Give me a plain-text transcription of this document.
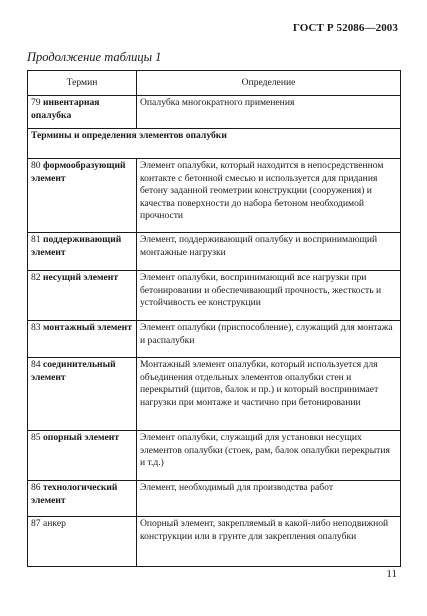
ГОСТ Р 52086—2003
Продолжение таблицы 1
Термин	Определение
79 инвентарная опалубка	Опалубка многократного применения
Термины и определения элементов опалубки	
80 формообразующий элемент	Элемент опалубки, который находится в непосредственном контакте с бетонной смесью и используется для придания бетону заданной геометрии конструкции (сооружения) и качества поверхности до набора бетоном необходимой прочности
81 поддерживающий элемент	Элемент, поддерживающий опалубку и воспринимающий монтажные нагрузки
82 несущий элемент	Элемент опалубки, воспринимающий все нагрузки при бетонировании и обеспечивающий прочность, жесткость и устойчивость ее конструкции
83 монтажный элемент	Элемент опалубки (приспособление), служащий для монтажа и распалубки
84 соединительный элемент	Монтажный элемент опалубки, который используется для объединения отдельных элементов опалубки стен и перекрытий (щитов, балок и пр.) и который воспринимает нагрузки при монтаже и частично при бетонировании
85 опорный элемент	Элемент опалубки, служащий для установки несущих элементов опалубки (стоек, рам, балок опалубки перекрытия и т.д.)
86 технологический элемент	Элемент, необходимый для производства работ
87 анкер	Опорный элемент, закрепляемый в какой-либо неподвижной конструкции или в грунте для закрепления опалубки
11
